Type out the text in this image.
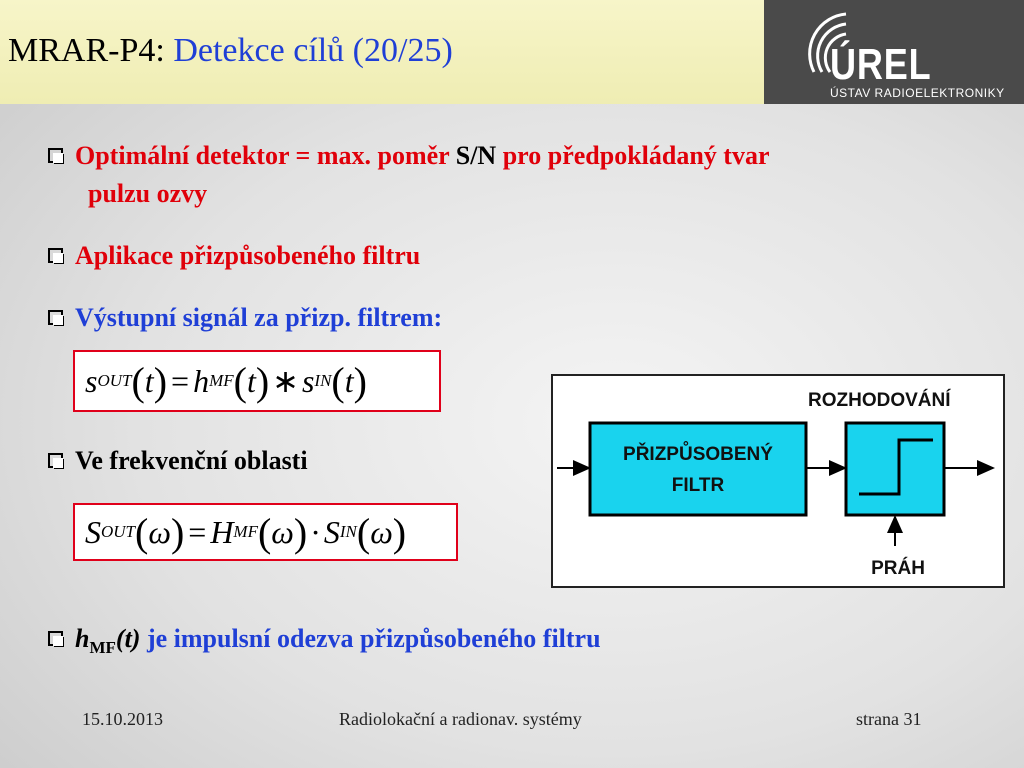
MRAR-P4: Detekce cílů (20/25)	ÚREL
ÚSTAV RADIOELEKTRONIKY
Optimální detektor = max. poměr S/N pro předpokládaný tvar
pulzu ozvy
Aplikace přizpůsobeného filtru
Výstupní signál za přizp. filtrem:
s OUT ( t ) = h MF ( t ) ∗ s IN ( t )
Ve frekvenční oblasti
S OUT ( ω ) = H MF ( ω ) · S IN ( ω )
ROZHODOVÁNÍ
PŘIZPŮSOBENÝ
FILTR
PRÁH
$h_{MF}(t)$ je impulsní odezva přizpůsobeného filtru
15.10.2013	Radiolokační a radionav. systémy	strana 31
